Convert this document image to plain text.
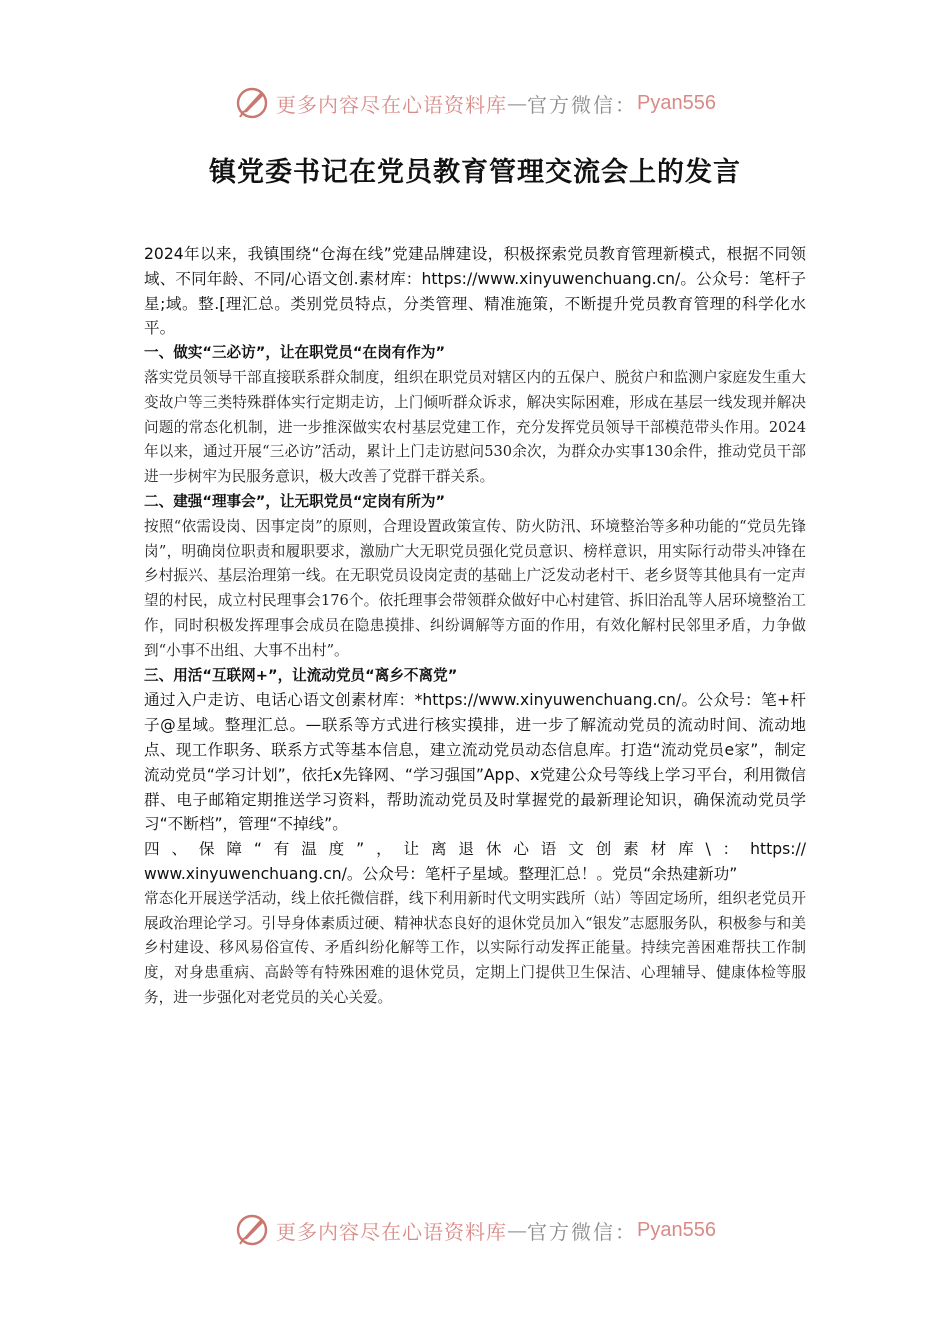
更多内容尽在心语资料库 — 官方微信： Pyan556
镇党委书记在党员教育管理交流会上的发言

2024年以来，我镇围绕“仓海在线”党建品牌建设，积极探索党员教育管理新模式，根据不同领域、不同年龄、不同/心语文创.素材库：https://www.xinyuwenchuang.cn/。公众号：笔杆子星;域。整.[理汇总。类别党员特点，分类管理、精准施策，不断提升党员教育管理的科学化水平。

一、做实“三必访”，让在职党员“在岗有作为”

落实党员领导干部直接联系群众制度，组织在职党员对辖区内的五保户、脱贫户和监测户家庭发生重大变故户等三类特殊群体实行定期走访，上门倾听群众诉求，解决实际困难，形成在基层一线发现并解决问题的常态化机制，进一步推深做实农村基层党建工作，充分发挥党员领导干部模范带头作用。2024年以来，通过开展“三必访”活动，累计上门走访慰问530余次，为群众办实事130余件，推动党员干部进一步树牢为民服务意识，极大改善了党群干群关系。

二、建强“理事会”，让无职党员“定岗有所为”

按照“依需设岗、因事定岗”的原则，合理设置政策宣传、防火防汛、环境整治等多种功能的“党员先锋岗”，明确岗位职责和履职要求，激励广大无职党员强化党员意识、榜样意识，用实际行动带头冲锋在乡村振兴、基层治理第一线。在无职党员设岗定责的基础上广泛发动老村干、老乡贤等其他具有一定声望的村民，成立村民理事会176个。依托理事会带领群众做好中心村建管、拆旧治乱等人居环境整治工作，同时积极发挥理事会成员在隐患摸排、纠纷调解等方面的作用，有效化解村民邻里矛盾，力争做到“小事不出组、大事不出村”。

三、用活“互联网+”，让流动党员“离乡不离党”

通过入户走访、电话心语文创素材库：*https://www.xinyuwenchuang.cn/。公众号：笔+杆子@星域。整理汇总。—联系等方式进行核实摸排，进一步了解流动党员的流动时间、流动地点、现工作职务、联系方式等基本信息，建立流动党员动态信息库。打造“流动党员e家”，制定流动党员“学习计划”，依托x先锋网、“学习强国”App、x党建公众号等线上学习平台，利用微信群、电子邮箱定期推送学习资料，帮助流动党员及时掌握党的最新理论知识，确保流动党员学习“不断档”，管理“不掉线”。

四、保障“有温度”，让离退休心语文创素材库\：https://

www.xinyuwenchuang.cn/。公众号：笔杆子星域。整理汇总！。党员“余热建新功”

常态化开展送学活动，线上依托微信群，线下利用新时代文明实践所（站）等固定场所，组织老党员开展政治理论学习。引导身体素质过硬、精神状态良好的退休党员加入“银发”志愿服务队，积极参与和美乡村建设、移风易俗宣传、矛盾纠纷化解等工作，以实际行动发挥正能量。持续完善困难帮扶工作制度，对身患重病、高龄等有特殊困难的退休党员，定期上门提供卫生保洁、心理辅导、健康体检等服务，进一步强化对老党员的关心关爱。

更多内容尽在心语资料库 — 官方微信： Pyan556
